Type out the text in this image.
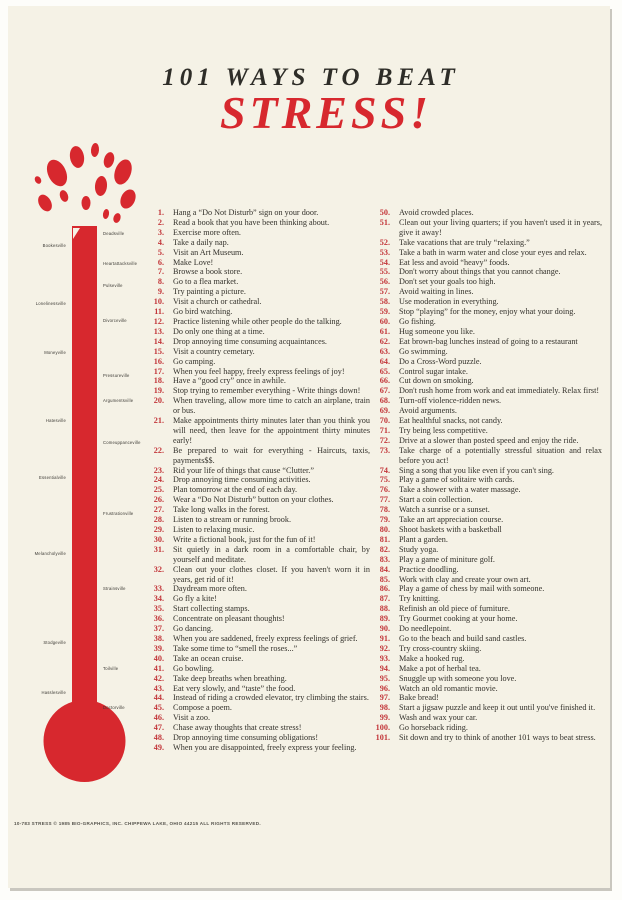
101 WAYS TO BEAT
STRESS!
Bookesville
Lonelinessville
Moneyville
Hatesville
Essentialville
Melancholyville
Stodgeville
Hasslesville
Deadsville
Heartattacksville
Pulseville
Divorceville
Pressureville
Argumentsville
Comeuppanceville
Frustrationville
Strainsville
Toilville
Doctorville
1. Hang a “Do Not Disturb” sign on your door.
2. Read a book that you have been thinking about.
3. Exercise more often.
4. Take a daily nap.
5. Visit an Art Museum.
6. Make Love!
7. Browse a book store.
8. Go to a flea market.
9. Try painting a picture.
10. Visit a church or cathedral.
11. Go bird watching.
12. Practice listening while other people do the talking.
13. Do only one thing at a time.
14. Drop annoying time consuming acquaintances.
15. Visit a country cemetary.
16. Go camping.
17. When you feel happy, freely express feelings of joy!
18. Have a “good cry” once in awhile.
19. Stop trying to remember everything - Write things down!
20. When traveling, allow more time to catch an airplane, train or bus.
21. Make appointments thirty minutes later than you think you will need, then leave for the appointment thirty minutes early!
22. Be prepared to wait for everything - Haircuts, taxis, payments$$.
23. Rid your life of things that cause “Clutter.”
24. Drop annoying time consuming activities.
25. Plan tomorrow at the end of each day.
26. Wear a “Do Not Disturb” button on your clothes.
27. Take long walks in the forest.
28. Listen to a stream or running brook.
29. Listen to relaxing music.
30. Write a fictional book, just for the fun of it!
31. Sit quietly in a dark room in a comfortable chair, by yourself and meditate.
32. Clean out your clothes closet. If you haven't worn it in years, get rid of it!
33. Daydream more often.
34. Go fly a kite!
35. Start collecting stamps.
36. Concentrate on pleasant thoughts!
37. Go dancing.
38. When you are saddened, freely express feelings of grief.
39. Take some time to “smell the roses...”
40. Take an ocean cruise.
41. Go bowling.
42. Take deep breaths when breathing.
43. Eat very slowly, and “taste” the food.
44. Instead of riding a crowded elevator, try climbing the stairs.
45. Compose a poem.
46. Visit a zoo.
47. Chase away thoughts that create stress!
48. Drop annoying time consuming obligations!
49. When you are disappointed, freely express your feeling.
50. Avoid crowded places.
51. Clean out your living quarters; if you haven't used it in years, give it away!
52. Take vacations that are truly “relaxing.”
53. Take a bath in warm water and close your eyes and relax.
54. Eat less and avoid “heavy” foods.
55. Don't worry about things that you cannot change.
56. Don't set your goals too high.
57. Avoid waiting in lines.
58. Use moderation in everything.
59. Stop “playing” for the money, enjoy what your doing.
60. Go fishing.
61. Hug someone you like.
62. Eat brown-bag lunches instead of going to a restaurant
63. Go swimming.
64. Do a Cross-Word puzzle.
65. Control sugar intake.
66. Cut down on smoking.
67. Don't rush home from work and eat immediately. Relax first!
68. Turn-off violence-ridden news.
69. Avoid arguments.
70. Eat healthful snacks, not candy.
71. Try being less competitive.
72. Drive at a slower than posted speed and enjoy the ride.
73. Take charge of a potentially stressful situation and relax before you act!
74. Sing a song that you like even if you can't sing.
75. Play a game of solitaire with cards.
76. Take a shower with a water massage.
77. Start a coin collection.
78. Watch a sunrise or a sunset.
79. Take an art appreciation course.
80. Shoot baskets with a basketball
81. Plant a garden.
82. Study yoga.
83. Play a game of miniture golf.
84. Practice doodling.
85. Work with clay and create your own art.
86. Play a game of chess by mail with someone.
87. Try knitting.
88. Refinish an old piece of furniture.
89. Try Gourmet cooking at your home.
90. Do needlepoint.
91. Go to the beach and build sand castles.
92. Try cross-country skiing.
93. Make a hooked rug.
94. Make a pot of herbal tea.
95. Snuggle up with someone you love.
96. Watch an old romantic movie.
97. Bake bread!
98. Start a jigsaw puzzle and keep it out until you've finished it.
99. Wash and wax your car.
100. Go horseback riding.
101. Sit down and try to think of another 101 ways to beat stress.
10-783 STRESS © 1985 BIO-GRAPHICS, INC. CHIPPEWA LAKE, OHIO 44215 ALL RIGHTS RESERVED.
